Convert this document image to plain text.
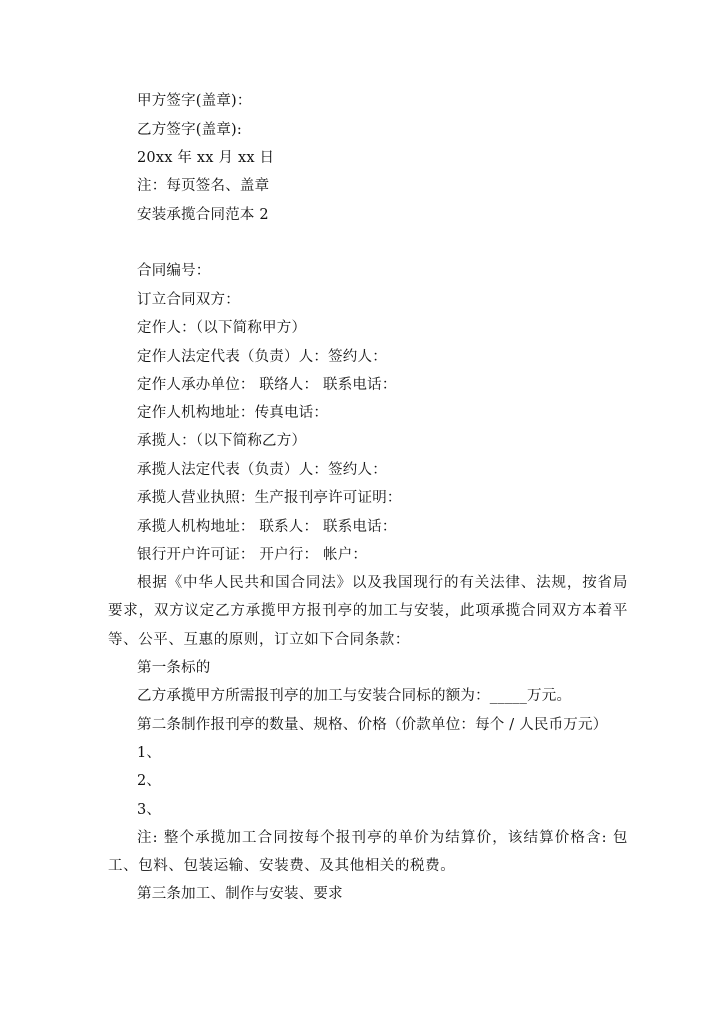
甲方签字(盖章)：
乙方签字(盖章):
20xx 年 xx 月 xx 日
注：每页签名、盖章
安装承揽合同范本 2
合同编号：
订立合同双方：
定作人：（以下简称甲方）
定作人法定代表（负责）人：签约人：
定作人承办单位： 联络人： 联系电话：
定作人机构地址：传真电话：
承揽人：（以下简称乙方）
承揽人法定代表（负责）人：签约人：
承揽人营业执照：生产报刊亭许可证明：
承揽人机构地址： 联系人： 联系电话：
银行开户许可证： 开户行： 帐户：
根据《中华人民共和国合同法》以及我国现行的有关法律、法规，按省局要求，双方议定乙方承揽甲方报刊亭的加工与安装，此项承揽合同双方本着平等、公平、互惠的原则，订立如下合同条款：
第一条标的
乙方承揽甲方所需报刊亭的加工与安装合同标的额为：_____万元。
第二条制作报刊亭的数量、规格、价格（价款单位：每个 / 人民币万元）
1、
2、
3、
注: 整个承揽加工合同按每个报刊亭的单价为结算价，该结算价格含: 包工、包料、包装运输、安装费、及其他相关的税费。
第三条加工、制作与安装、要求
